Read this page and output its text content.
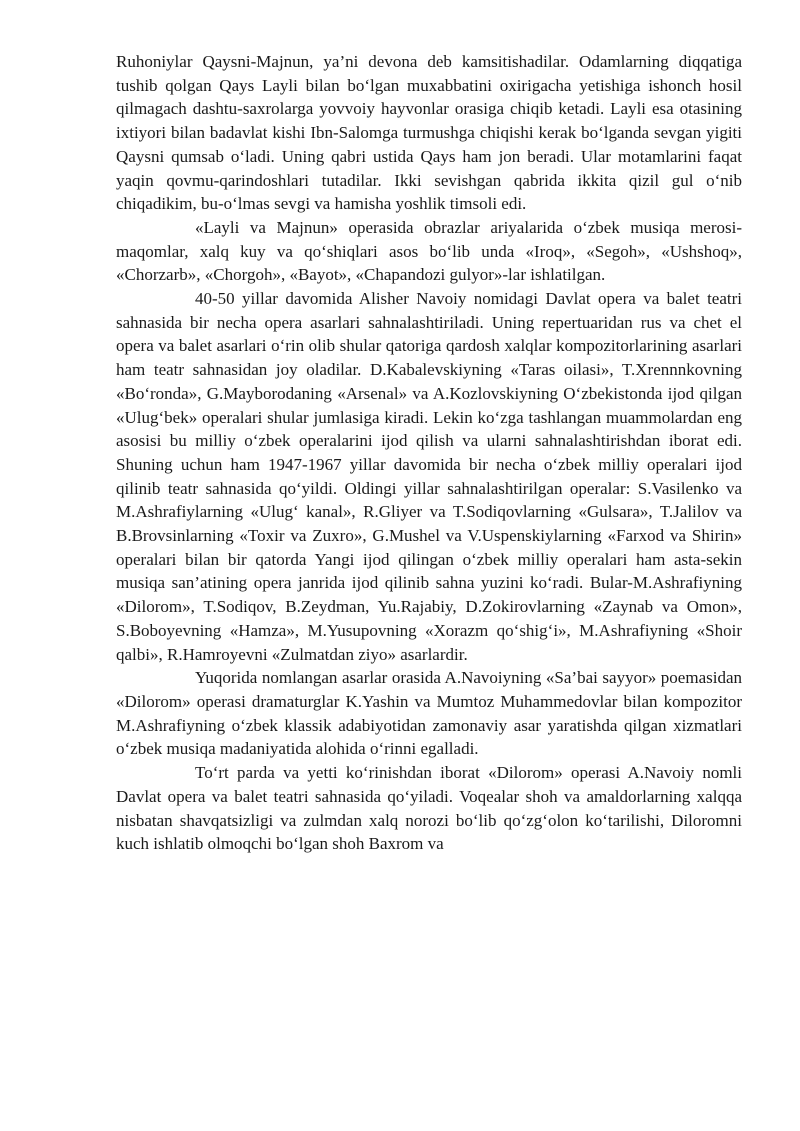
Ruhoniylar Qaysni-Majnun, ya’ni devona deb kamsitishadilar. Odamlarning diqqatiga tushib qolgan Qays Layli bilan bo‘lgan muxabbatini oxirigacha yetishiga ishonch hosil qilmagach dashtu-saxrolarga yovvoiy hayvonlar orasiga chiqib ketadi. Layli esa otasining ixtiyori bilan badavlat kishi Ibn-Salomga turmushga chiqishi kerak bo‘lganda sevgan yigiti Qaysni qumsab o‘ladi. Uning qabri ustida Qays ham jon beradi. Ular motamlarini faqat yaqin qovmu-qarindoshlari tutadilar. Ikki sevishgan qabrida ikkita qizil gul o‘nib chiqadikim, bu-o‘lmas sevgi va hamisha yoshlik timsoli edi.

«Layli va Majnun» operasida obrazlar ariyalarida o‘zbek musiqa merosi-maqomlar, xalq kuy va qo‘shiqlari asos bo‘lib unda «Iroq», «Segoh», «Ushshoq», «Chorzarb», «Chorgoh», «Bayot», «Chapandozi gulyor»-lar ishlatilgan.

40-50 yillar davomida Alisher Navoiy nomidagi Davlat opera va balet teatri sahnasida bir necha opera asarlari sahnalashtiriladi. Uning repertuaridan rus va chet el opera va balet asarlari o‘rin olib shular qatoriga qardosh xalqlar kompozitorlarining asarlari ham teatr sahnasidan joy oladilar. D.Kabalevskiyning «Taras oilasi», T.Xrennnkovning «Bo‘ronda», G.Mayborodaning «Arsenal» va A.Kozlovskiyning O‘zbekistonda ijod qilgan «Ulug‘bek» operalari shular jumlasiga kiradi. Lekin ko‘zga tashlangan muammolardan eng asosisi bu milliy o‘zbek operalarini ijod qilish va ularni sahnalashtirishdan iborat edi. Shuning uchun ham 1947-1967 yillar davomida bir necha o‘zbek milliy operalari ijod qilinib teatr sahnasida qo‘yildi. Oldingi yillar sahnalashtirilgan operalar: S.Vasilenko va M.Ashrafiylarning «Ulug‘ kanal», R.Gliyer va T.Sodiqovlarning «Gulsara», T.Jalilov va B.Brovsinlarning «Toxir va Zuxro», G.Mushel va V.Uspenskiylarning «Farxod va Shirin» operalari bilan bir qatorda Yangi ijod qilingan o‘zbek milliy operalari ham asta-sekin musiqa san’atining opera janrida ijod qilinib sahna yuzini ko‘radi. Bular-M.Ashrafiyning «Dilorom», T.Sodiqov, B.Zeydman, Yu.Rajabiy, D.Zokirovlarning «Zaynab va Omon», S.Boboyevning «Hamza», M.Yusupovning «Xorazm qo‘shig‘i», M.Ashrafiyning «Shoir qalbi», R.Hamroyevni «Zulmatdan ziyo» asarlardir.

Yuqorida nomlangan asarlar orasida A.Navoiyning «Sa’bai sayyor» poemasidan «Dilorom» operasi dramaturglar K.Yashin va Mumtoz Muhammedovlar bilan kompozitor M.Ashrafiyning o‘zbek klassik adabiyotidan zamonaviy asar yaratishda qilgan xizmatlari o‘zbek musiqa madaniyatida alohida o‘rinni egalladi.

To‘rt parda va yetti ko‘rinishdan iborat «Dilorom» operasi A.Navoiy nomli Davlat opera va balet teatri sahnasida qo‘yiladi. Voqealar shoh va amaldorlarning xalqqa nisbatan shavqatsizligi va zulmdan xalq norozi bo‘lib qo‘zg‘olon ko‘tarilishi, Diloromni kuch ishlatib olmoqchi bo‘lgan shoh Baxrom va
